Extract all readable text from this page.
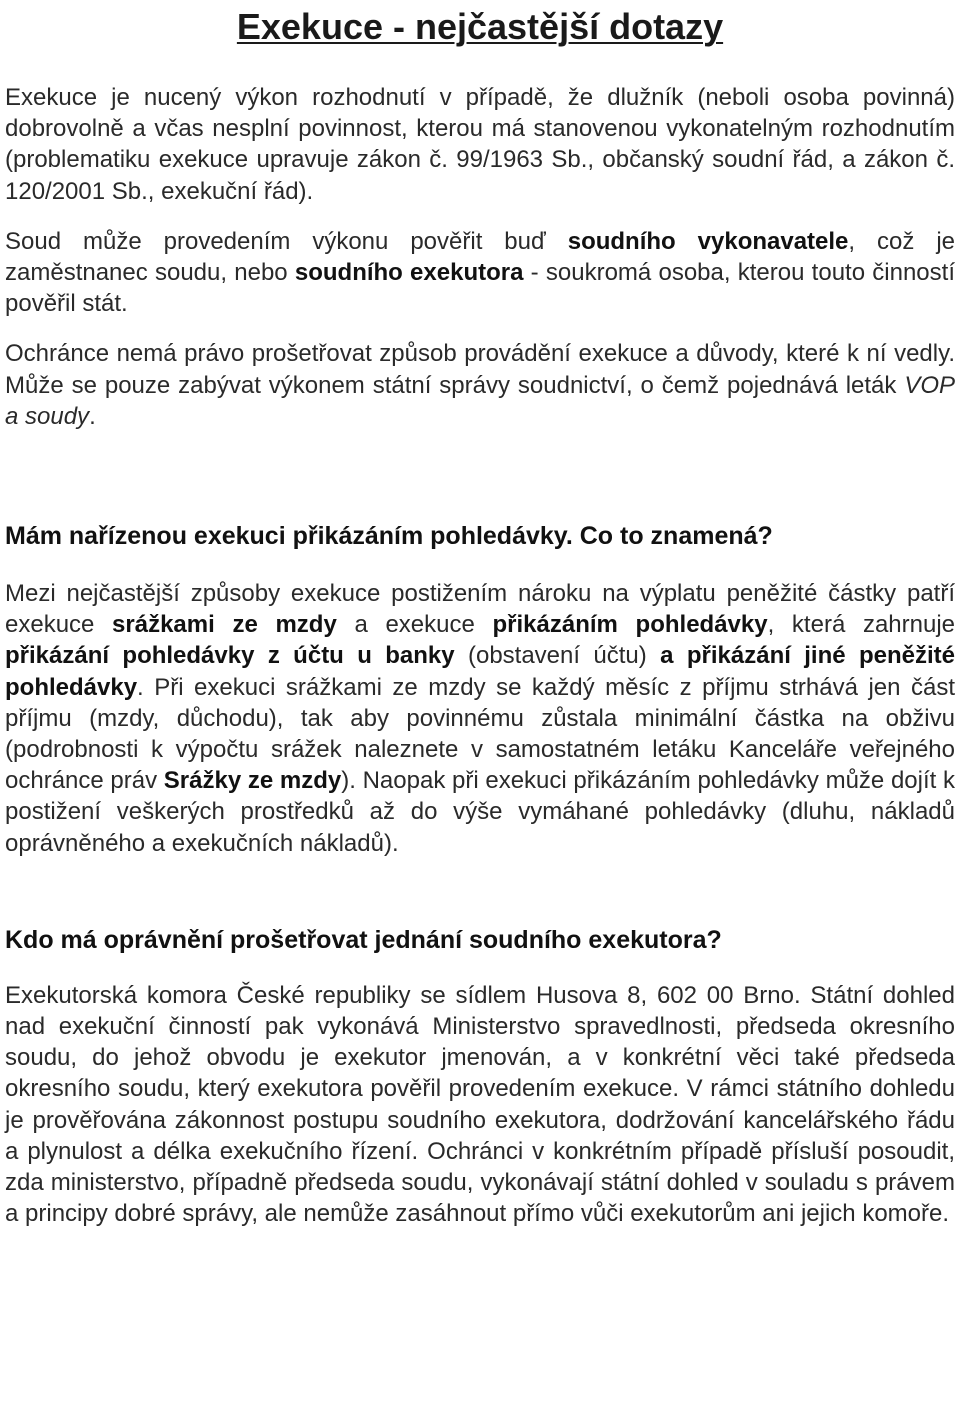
Exekuce - nejčastější dotazy

Exekuce je nucený výkon rozhodnutí v případě, že dlužník (neboli osoba povinná) dobrovolně a včas nesplní povinnost, kterou má stanovenou vykonatelným rozhodnutím (problematiku exekuce upravuje zákon č. 99/1963 Sb., občanský soudní řád, a zákon č. 120/2001 Sb., exekuční řád).

Soud může provedením výkonu pověřit buď soudního vykonavatele, což je zaměstnanec soudu, nebo soudního exekutora - soukromá osoba, kterou touto činností pověřil stát.

Ochránce nemá právo prošetřovat způsob provádění exekuce a důvody, které k ní vedly. Může se pouze zabývat výkonem státní správy soudnictví, o čemž pojednává leták VOP a soudy.

Mám nařízenou exekuci přikázáním pohledávky. Co to znamená?

Mezi nejčastější způsoby exekuce postižením nároku na výplatu peněžité částky patří exekuce srážkami ze mzdy a exekuce přikázáním pohledávky, která zahrnuje přikázání pohledávky z účtu u banky (obstavení účtu) a přikázání jiné peněžité pohledávky. Při exekuci srážkami ze mzdy se každý měsíc z příjmu strhává jen část příjmu (mzdy, důchodu), tak aby povinnému zůstala minimální částka na obživu (podrobnosti k výpočtu srážek naleznete v samostatném letáku Kanceláře veřejného ochránce práv Srážky ze mzdy). Naopak při exekuci přikázáním pohledávky může dojít k postižení veškerých prostředků až do výše vymáhané pohledávky (dluhu, nákladů oprávněného a exekučních nákladů).

Kdo má oprávnění prošetřovat jednání soudního exekutora?

Exekutorská komora České republiky se sídlem Husova 8, 602 00 Brno. Státní dohled nad exekuční činností pak vykonává Ministerstvo spravedlnosti, předseda okresního soudu, do jehož obvodu je exekutor jmenován, a v konkrétní věci také předseda okresního soudu, který exekutora pověřil provedením exekuce. V rámci státního dohledu je prověřována zákonnost postupu soudního exekutora, dodržování kancelářského řádu a plynulost a délka exekučního řízení. Ochránci v konkrétním případě přísluší posoudit, zda ministerstvo, případně předseda soudu, vykonávají státní dohled v souladu s právem a principy dobré správy, ale nemůže zasáhnout přímo vůči exekutorům ani jejich komoře.
